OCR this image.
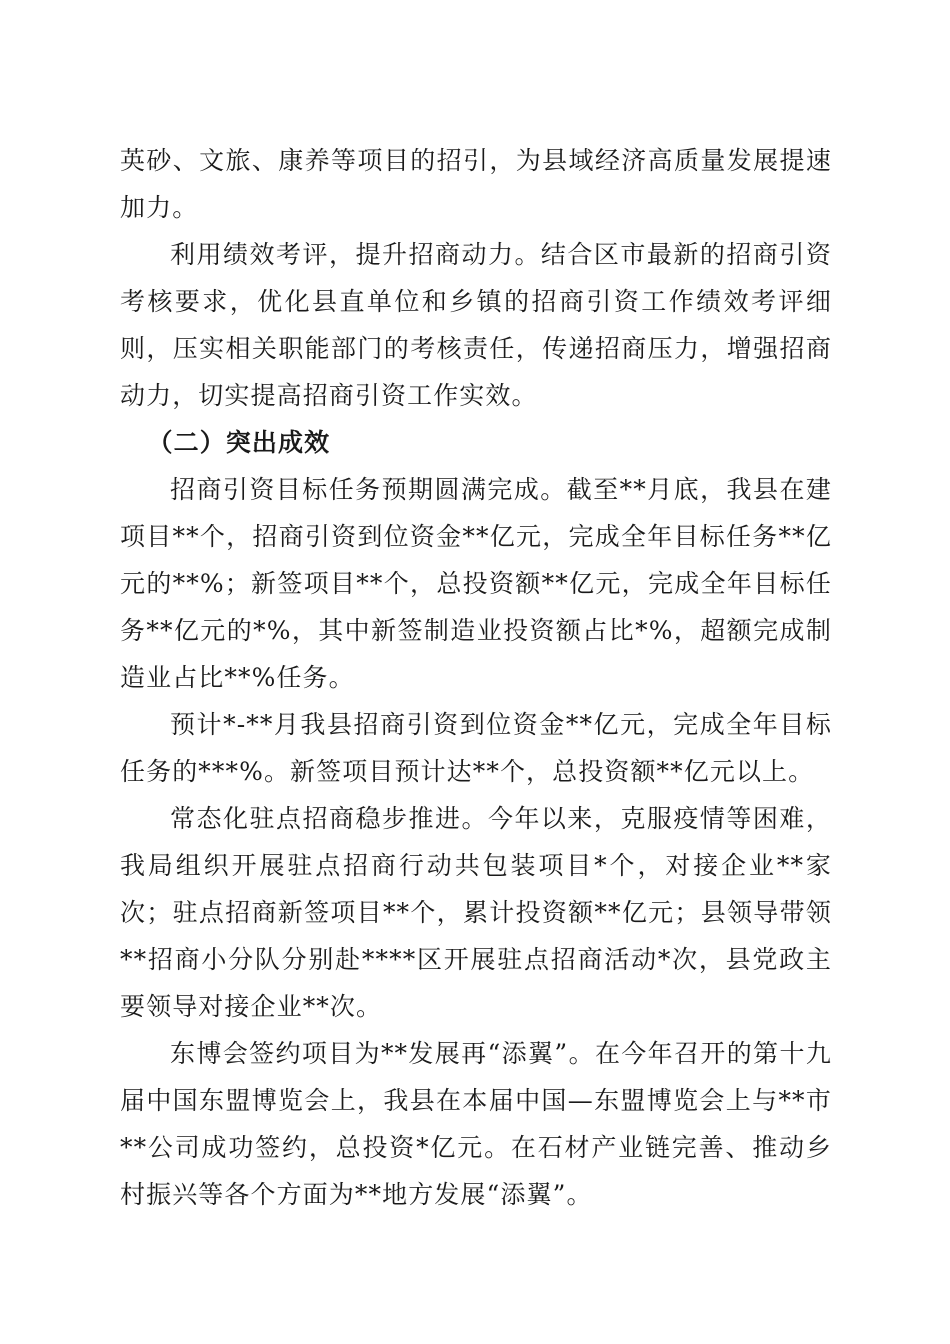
英砂、文旅、康养等项目的招引，为县域经济高质量发展提速加力。

利用绩效考评，提升招商动力。结合区市最新的招商引资考核要求，优化县直单位和乡镇的招商引资工作绩效考评细则，压实相关职能部门的考核责任，传递招商压力，增强招商动力，切实提高招商引资工作实效。

（二）突出成效

招商引资目标任务预期圆满完成。截至**月底，我县在建项目**个，招商引资到位资金**亿元，完成全年目标任务**亿元的**%；新签项目**个，总投资额**亿元，完成全年目标任务**亿元的*%，其中新签制造业投资额占比*%，超额完成制造业占比**%任务。

预计*-**月我县招商引资到位资金**亿元，完成全年目标任务的***%。新签项目预计达**个，总投资额**亿元以上。

常态化驻点招商稳步推进。今年以来，克服疫情等困难，我局组织开展驻点招商行动共包装项目*个，对接企业**家次；驻点招商新签项目**个，累计投资额**亿元；县领导带领**招商小分队分别赴****区开展驻点招商活动*次，县党政主要领导对接企业**次。

东博会签约项目为**发展再“添翼”。在今年召开的第十九届中国东盟博览会上，我县在本届中国—东盟博览会上与**市**公司成功签约，总投资*亿元。在石材产业链完善、推动乡村振兴等各个方面为**地方发展“添翼”。
